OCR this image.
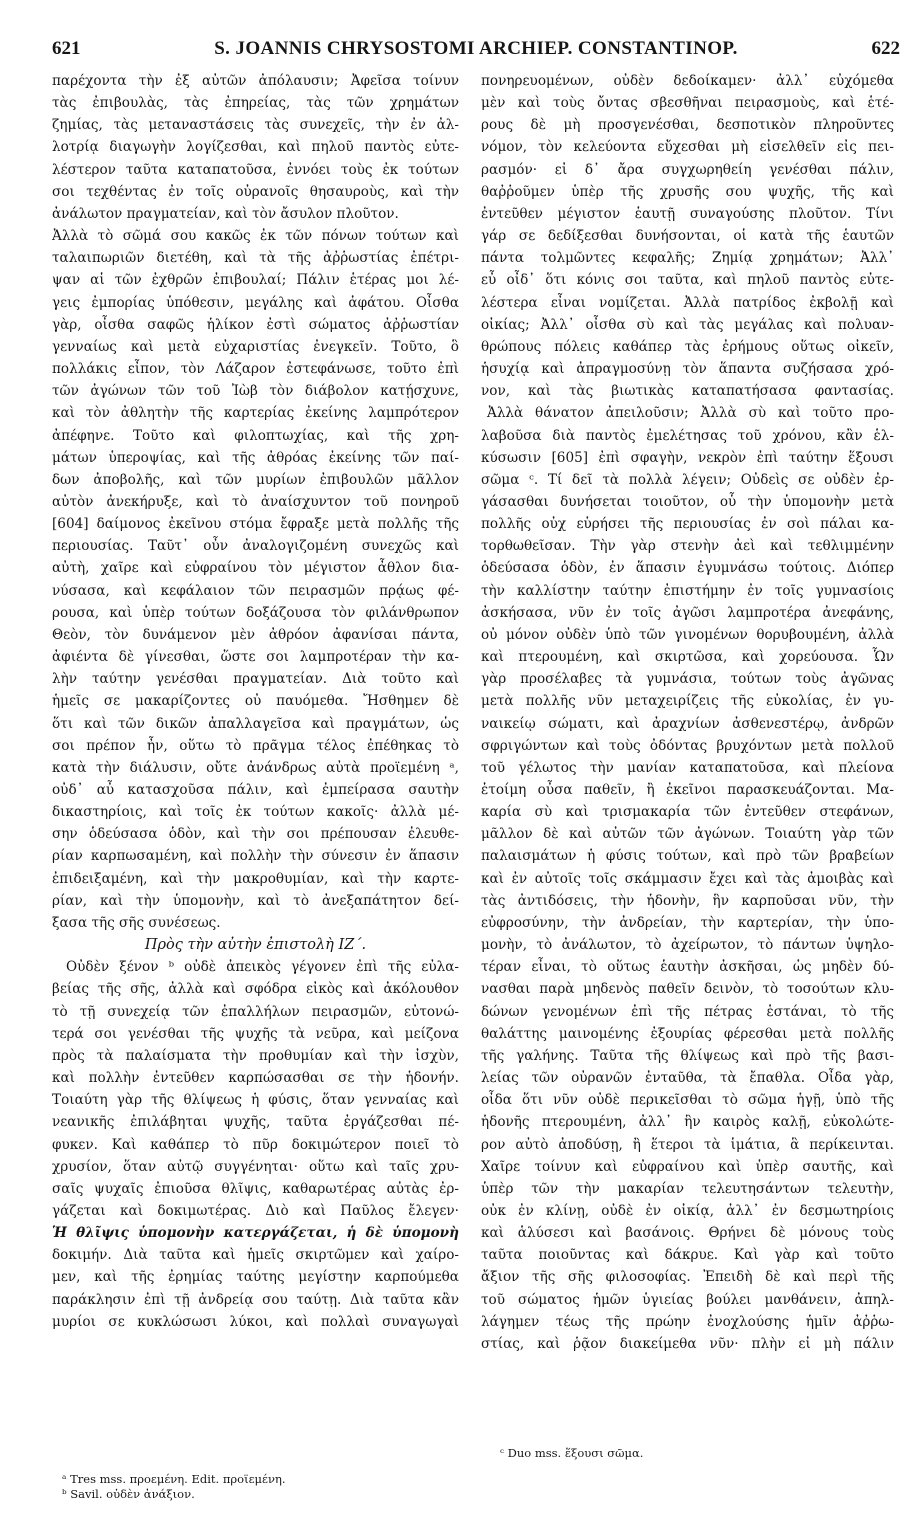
621	S. JOANNIS CHRYSOSTOMI ARCHIEP. CONSTANTINOP.	622
παρέχοντα τὴν ἐξ αὐτῶν ἀπόλαυσιν; Ἀφεῖσα τοίνυν
τὰς ἐπιβουλὰς, τὰς ἐπηρείας, τὰς τῶν χρημάτων
ζημίας, τὰς μεταναστάσεις τὰς συνεχεῖς, τὴν ἐν ἀλ-
λοτρίᾳ διαγωγὴν λογίζεσθαι, καὶ πηλοῦ παντὸς εὐτε-
λέστερον ταῦτα καταπατοῦσα, ἐννόει τοὺς ἐκ τούτων
σοι τεχθέντας ἐν τοῖς οὐρανοῖς θησαυροὺς, καὶ τὴν
ἀνάλωτον πραγματείαν, καὶ τὸν ἄσυλον πλοῦτον.
Ἀλλὰ τὸ σῶμά σου κακῶς ἐκ τῶν πόνων τούτων καὶ
ταλαιπωριῶν διετέθη, καὶ τὰ τῆς ἀῤῥωστίας ἐπέτρι-
ψαν αἱ τῶν ἐχθρῶν ἐπιβουλαί; Πάλιν ἑτέρας μοι λέ-
γεις ἐμπορίας ὑπόθεσιν, μεγάλης καὶ ἀφάτου. Οἶσθα
γὰρ, οἶσθα σαφῶς ἡλίκον ἐστὶ σώματος ἀῤῥωστίαν
γενναίως καὶ μετὰ εὐχαριστίας ἐνεγκεῖν. Τοῦτο, ὃ
πολλάκις εἶπον, τὸν Λάζαρον ἐστεφάνωσε, τοῦτο ἐπὶ
τῶν ἀγώνων τῶν τοῦ Ἰὼβ τὸν διάβολον κατῄσχυνε,
καὶ τὸν ἀθλητὴν τῆς καρτερίας ἐκείνης λαμπρότερον
ἀπέφηνε. Τοῦτο καὶ φιλοπτωχίας, καὶ τῆς χρη-
μάτων ὑπεροψίας, καὶ τῆς ἀθρόας ἐκείνης τῶν παί-
δων ἀποβολῆς, καὶ τῶν μυρίων ἐπιβουλῶν μᾶλλον
αὐτὸν ἀνεκήρυξε, καὶ τὸ ἀναίσχυντον τοῦ πονηροῦ
[604] δαίμονος ἐκεῖνου στόμα ἔφραξε μετὰ πολλῆς τῆς
περιουσίας. Ταῦτ᾽ οὖν ἀναλογιζομένη συνεχῶς καὶ
αὐτὴ, χαῖρε καὶ εὐφραίνου τὸν μέγιστον ἆθλον δια-
νύσασα, καὶ κεφάλαιον τῶν πειρασμῶν πρᾴως φέ-
ρουσα, καὶ ὑπὲρ τούτων δοξάζουσα τὸν φιλάνθρωπον
Θεὸν, τὸν δυνάμενον μὲν ἀθρόον ἀφανίσαι πάντα,
ἀφιέντα δὲ γίνεσθαι, ὥστε σοι λαμπροτέραν τὴν κα-
λὴν ταύτην γενέσθαι πραγματείαν. Διὰ τοῦτο καὶ
ἡμεῖς σε μακαρίζοντες οὐ παυόμεθα. Ἤσθημεν δὲ
ὅτι καὶ τῶν δικῶν ἀπαλλαγεῖσα καὶ πραγμάτων, ὡς
σοι πρέπον ἦν, οὕτω τὸ πρᾶγμα τέλος ἐπέθηκας τὸ
κατὰ τὴν διάλυσιν, οὔτε ἀνάνδρως αὐτὰ προϊεμένη ᵃ,
οὐδ᾽ αὖ κατασχοῦσα πάλιν, καὶ ἐμπείρασα σαυτὴν
δικαστηρίοις, καὶ τοῖς ἐκ τούτων κακοῖς· ἀλλὰ μέ-
σην ὁδεύσασα ὁδὸν, καὶ τὴν σοι πρέπουσαν ἐλευθε-
ρίαν καρπωσαμένη, καὶ πολλὴν τὴν σύνεσιν ἐν ἅπασιν
ἐπιδειξαμένη, καὶ τὴν μακροθυμίαν, καὶ τὴν καρτε-
ρίαν, καὶ τὴν ὑπομονὴν, καὶ τὸ ἀνεξαπάτητον δεί-
ξασα τῆς σῆς συνέσεως.
Πρὸς τὴν αὐτὴν ἐπιστολὴ ΙΖ΄.
Οὐδὲν ξένον ᵇ οὐδὲ ἀπεικὸς γέγονεν ἐπὶ τῆς εὐλα-
βείας τῆς σῆς, ἀλλὰ καὶ σφόδρα εἰκὸς καὶ ἀκόλουθον
τὸ τῇ συνεχείᾳ τῶν ἐπαλλήλων πειρασμῶν, εὐτονώ-
τερά σοι γενέσθαι τῆς ψυχῆς τὰ νεῦρα, καὶ μείζονα
πρὸς τὰ παλαίσματα τὴν προθυμίαν καὶ τὴν ἰσχὺν,
καὶ πολλὴν ἐντεῦθεν καρπώσασθαι σε τὴν ἡδονήν.
Τοιαύτη γὰρ τῆς θλίψεως ἡ φύσις, ὅταν γενναίας καὶ
νεανικῆς ἐπιλάβηται ψυχῆς, ταῦτα ἐργάζεσθαι πέ-
φυκεν. Καὶ καθάπερ τὸ πῦρ δοκιμώτερον ποιεῖ τὸ
χρυσίον, ὅταν αὐτῷ συγγένηται· οὕτω καὶ ταῖς χρυ-
σαῖς ψυχαῖς ἐπιοῦσα θλῖψις, καθαρωτέρας αὐτὰς ἐρ-
γάζεται καὶ δοκιμωτέρας. Διὸ καὶ Παῦλος ἔλεγεν·
Ἡ θλῖψις ὑπομονὴν κατεργάζεται, ἡ δὲ ὑπομονὴ
δοκιμήν. Διὰ ταῦτα καὶ ἡμεῖς σκιρτῶμεν καὶ χαίρο-
μεν, καὶ τῆς ἐρημίας ταύτης μεγίστην καρπούμεθα
παράκλησιν ἐπὶ τῇ ἀνδρείᾳ σου ταύτῃ. Διὰ ταῦτα κἂν
μυρίοι σε κυκλώσωσι λύκοι, καὶ πολλαὶ συναγωγαὶ
πονηρευομένων, οὐδὲν δεδοίκαμεν· ἀλλ᾽ εὐχόμεθα
μὲν καὶ τοὺς ὄντας σβεσθῆναι πειρασμοὺς, καὶ ἑτέ-
ρους δὲ μὴ προσγενέσθαι, δεσποτικὸν πληροῦντες
νόμον, τὸν κελεύοντα εὔχεσθαι μὴ εἰσελθεῖν εἰς πει-
ρασμόν· εἰ δ᾽ ἄρα συγχωρηθείη γενέσθαι πάλιν,
θαῤῥοῦμεν ὑπὲρ τῆς χρυσῆς σου ψυχῆς, τῆς καὶ
ἐντεῦθεν μέγιστον ἑαυτῇ συναγούσης πλοῦτον. Τίνι
γάρ σε δεδίξεσθαι δυνήσονται, οἱ κατὰ τῆς ἑαυτῶν
πάντα τολμῶντες κεφαλῆς; Ζημίᾳ χρημάτων; Ἀλλ᾽
εὖ οἶδ᾽ ὅτι κόνις σοι ταῦτα, καὶ πηλοῦ παντὸς εὐτε-
λέστερα εἶναι νομίζεται. Ἀλλὰ πατρίδος ἐκβολῇ καὶ
οἰκίας; Ἀλλ᾽ οἶσθα σὺ καὶ τὰς μεγάλας καὶ πολυαν-
θρώπους πόλεις καθάπερ τὰς ἐρήμους οὕτως οἰκεῖν,
ἡσυχίᾳ καὶ ἀπραγμοσύνῃ τὸν ἅπαντα συζήσασα χρό-
νον, καὶ τὰς βιωτικὰς καταπατήσασα φαντασίας.
Ἀλλὰ θάνατον ἀπειλοῦσιν; Ἀλλὰ σὺ καὶ τοῦτο προ-
λαβοῦσα διὰ παντὸς ἐμελέτησας τοῦ χρόνου, κἂν ἑλ-
κύσωσιν [605] ἐπὶ σφαγὴν, νεκρὸν ἐπὶ ταύτην ἕξουσι
σῶμα ᶜ. Τί δεῖ τὰ πολλὰ λέγειν; Οὐδεὶς σε οὐδὲν ἐρ-
γάσασθαι δυνήσεται τοιοῦτον, οὗ τὴν ὑπομονὴν μετὰ
πολλῆς οὐχ εὑρήσει τῆς περιουσίας ἐν σοὶ πάλαι κα-
τορθωθεῖσαν. Τὴν γὰρ στενὴν ἀεὶ καὶ τεθλιμμένην
ὁδεύσασα ὁδὸν, ἐν ἅπασιν ἐγυμνάσω τούτοις. Διόπερ
τὴν καλλίστην ταύτην ἐπιστήμην ἐν τοῖς γυμνασίοις
ἀσκήσασα, νῦν ἐν τοῖς ἀγῶσι λαμπροτέρα ἀνεφάνης,
οὐ μόνον οὐδὲν ὑπὸ τῶν γινομένων θορυβουμένη, ἀλλὰ
καὶ πτερουμένη, καὶ σκιρτῶσα, καὶ χορεύουσα. Ὧν
γὰρ προσέλαβες τὰ γυμνάσια, τούτων τοὺς ἀγῶνας
μετὰ πολλῆς νῦν μεταχειρίζεις τῆς εὐκολίας, ἐν γυ-
ναικείῳ σώματι, καὶ ἀραχνίων ἀσθενεστέρῳ, ἀνδρῶν
σφριγώντων καὶ τοὺς ὀδόντας βρυχόντων μετὰ πολλοῦ
τοῦ γέλωτος τὴν μανίαν καταπατοῦσα, καὶ πλείονα
ἑτοίμη οὖσα παθεῖν, ἢ ἐκεῖνοι παρασκευάζονται. Μα-
καρία σὺ καὶ τρισμακαρία τῶν ἐντεῦθεν στεφάνων,
μᾶλλον δὲ καὶ αὐτῶν τῶν ἀγώνων. Τοιαύτη γὰρ τῶν
παλαισμάτων ἡ φύσις τούτων, καὶ πρὸ τῶν βραβείων
καὶ ἐν αὐτοῖς τοῖς σκάμμασιν ἔχει καὶ τὰς ἀμοιβὰς καὶ
τὰς ἀντιδόσεις, τὴν ἡδονὴν, ἣν καρποῦσαι νῦν, τὴν
εὐφροσύνην, τὴν ἀνδρείαν, τὴν καρτερίαν, τὴν ὑπο-
μονὴν, τὸ ἀνάλωτον, τὸ ἀχείρωτον, τὸ πάντων ὑψηλο-
τέραν εἶναι, τὸ οὕτως ἑαυτὴν ἀσκῆσαι, ὡς μηδὲν δύ-
νασθαι παρὰ μηδενὸς παθεῖν δεινὸν, τὸ τοσούτων κλυ-
δώνων γενομένων ἐπὶ τῆς πέτρας ἑστάναι, τὸ τῆς
θαλάττης μαινομένης ἐξουρίας φέρεσθαι μετὰ πολλῆς
τῆς γαλήνης. Ταῦτα τῆς θλίψεως καὶ πρὸ τῆς βασι-
λείας τῶν οὐρανῶν ἐνταῦθα, τὰ ἔπαθλα. Οἶδα γὰρ,
οἶδα ὅτι νῦν οὐδὲ περικεῖσθαι τὸ σῶμα ἡγῇ, ὑπὸ τῆς
ἡδονῆς πτερουμένη, ἀλλ᾽ ἣν καιρὸς καλῇ, εὐκολώτε-
ρον αὐτὸ ἀποδύσῃ, ἢ ἕτεροι τὰ ἱμάτια, ἃ περίκεινται.
Χαῖρε τοίνυν καὶ εὐφραίνου καὶ ὑπὲρ σαυτῆς, καὶ
ὑπὲρ τῶν τὴν μακαρίαν τελευτησάντων τελευτὴν,
οὐκ ἐν κλίνῃ, οὐδὲ ἐν οἰκίᾳ, ἀλλ᾽ ἐν δεσμωτηρίοις
καὶ ἁλύσεσι καὶ βασάνοις. Θρήνει δὲ μόνους τοὺς
ταῦτα ποιοῦντας καὶ δάκρυε. Καὶ γὰρ καὶ τοῦτο
ἄξιον τῆς σῆς φιλοσοφίας. Ἐπειδὴ δὲ καὶ περὶ τῆς
τοῦ σώματος ἡμῶν ὑγιείας βούλει μανθάνειν, ἀπηλ-
λάγημεν τέως τῆς πρώην ἐνοχλούσης ἡμῖν ἀῤῥω-
στίας, καὶ ῥᾷον διακείμεθα νῦν· πλὴν εἰ μὴ πάλιν
ᵃ Tres mss. προεμένη. Edit. προϊεμένη.
ᵇ Savil. οὐδὲν ἀνάξιον.
ᶜ Duo mss. ἕξουσι σῶμα.
